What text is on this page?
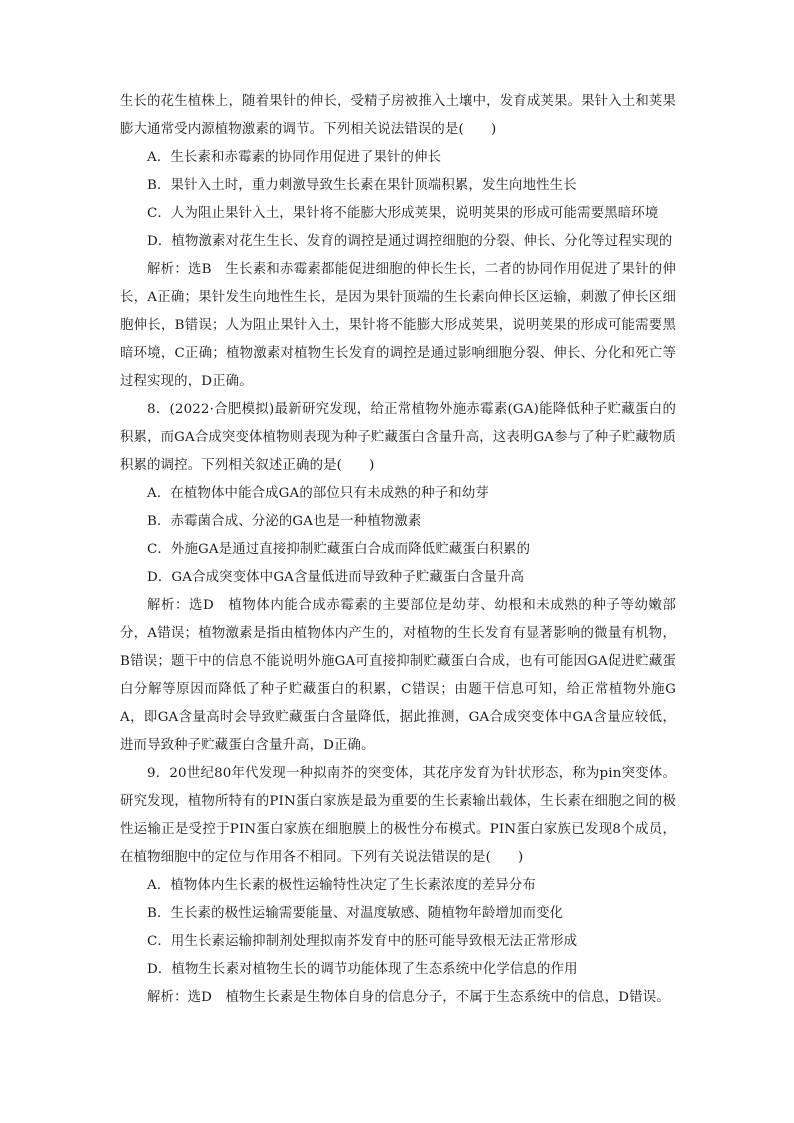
生长的花生植株上，随着果针的伸长，受精子房被推入土壤中，发育成荚果。果针入土和荚果膨大通常受内源植物激素的调节。下列相关说法错误的是(　　)

A．生长素和赤霉素的协同作用促进了果针的伸长

B．果针入土时，重力刺激导致生长素在果针顶端积累，发生向地性生长

C．人为阻止果针入土，果针将不能膨大形成荚果，说明荚果的形成可能需要黑暗环境

D．植物激素对花生生长、发育的调控是通过调控细胞的分裂、伸长、分化等过程实现的

解析：选B　生长素和赤霉素都能促进细胞的伸长生长，二者的协同作用促进了果针的伸长，A正确；果针发生向地性生长，是因为果针顶端的生长素向伸长区运输，刺激了伸长区细胞伸长，B错误；人为阻止果针入土，果针将不能膨大形成荚果，说明荚果的形成可能需要黑暗环境，C正确；植物激素对植物生长发育的调控是通过影响细胞分裂、伸长、分化和死亡等过程实现的，D正确。

8．(2022·合肥模拟)最新研究发现，给正常植物外施赤霉素(GA)能降低种子贮藏蛋白的积累，而GA合成突变体植物则表现为种子贮藏蛋白含量升高，这表明GA参与了种子贮藏物质积累的调控。下列相关叙述正确的是(　　)

A．在植物体中能合成GA的部位只有未成熟的种子和幼芽

B．赤霉菌合成、分泌的GA也是一种植物激素

C．外施GA是通过直接抑制贮藏蛋白合成而降低贮藏蛋白积累的

D．GA合成突变体中GA含量低进而导致种子贮藏蛋白含量升高

解析：选D　植物体内能合成赤霉素的主要部位是幼芽、幼根和未成熟的种子等幼嫩部分，A错误；植物激素是指由植物体内产生的，对植物的生长发育有显著影响的微量有机物，B错误；题干中的信息不能说明外施GA可直接抑制贮藏蛋白合成，也有可能因GA促进贮藏蛋白分解等原因而降低了种子贮藏蛋白的积累，C错误；由题干信息可知，给正常植物外施GA，即GA含量高时会导致贮藏蛋白含量降低，据此推测，GA合成突变体中GA含量应较低，进而导致种子贮藏蛋白含量升高，D正确。

9．20世纪80年代发现一种拟南芥的突变体，其花序发育为针状形态，称为pin突变体。研究发现，植物所特有的PIN蛋白家族是最为重要的生长素输出载体，生长素在细胞之间的极性运输正是受控于PIN蛋白家族在细胞膜上的极性分布模式。PIN蛋白家族已发现8个成员，在植物细胞中的定位与作用各不相同。下列有关说法错误的是(　　)

A．植物体内生长素的极性运输特性决定了生长素浓度的差异分布

B．生长素的极性运输需要能量、对温度敏感、随植物年龄增加而变化

C．用生长素运输抑制剂处理拟南芥发育中的胚可能导致根无法正常形成

D．植物生长素对植物生长的调节功能体现了生态系统中化学信息的作用

解析：选D　植物生长素是生物体自身的信息分子，不属于生态系统中的信息，D错误。
